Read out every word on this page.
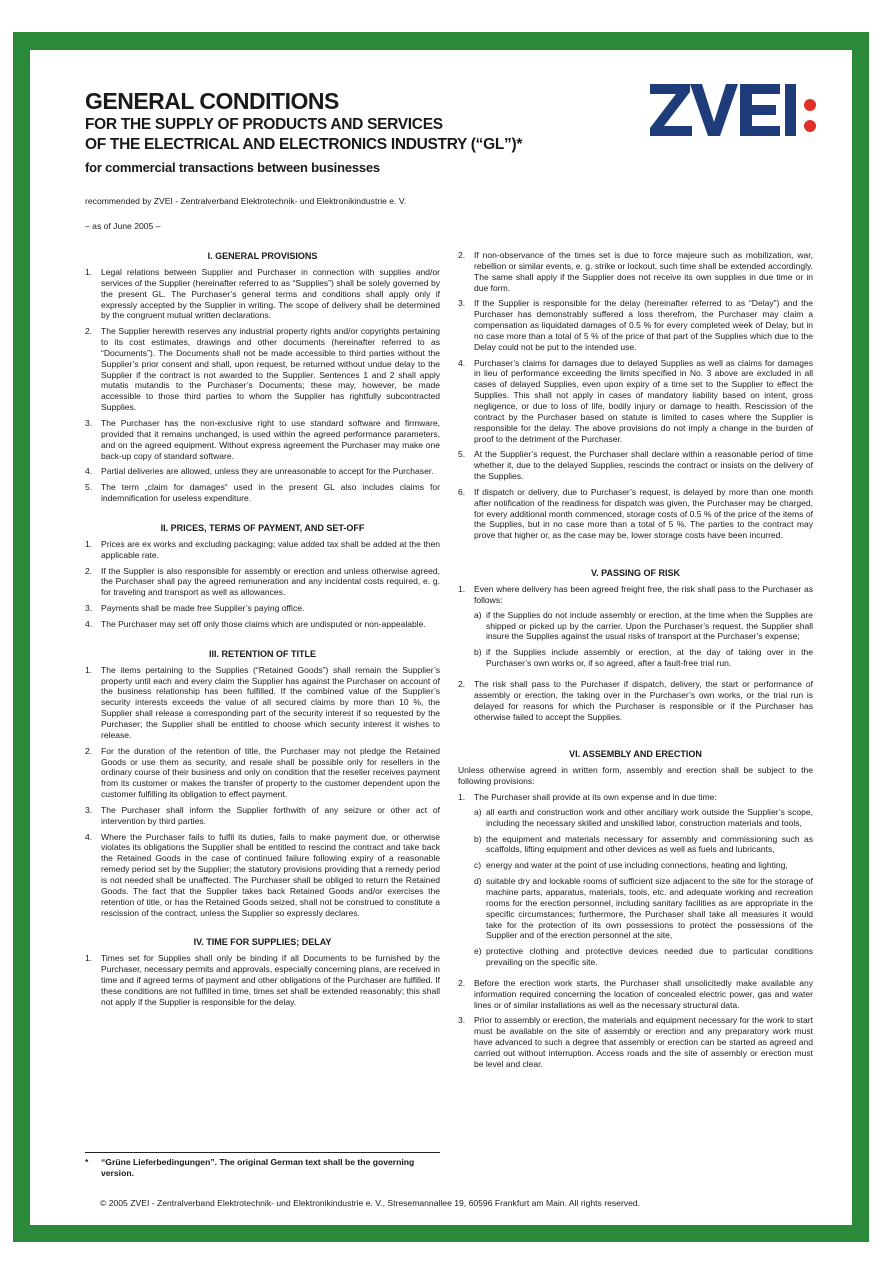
GENERAL CONDITIONS
FOR THE SUPPLY OF PRODUCTS AND SERVICES
OF THE ELECTRICAL AND ELECTRONICS INDUSTRY (“GL”)*
for commercial transactions between businesses
recommended by ZVEI - Zentralverband Elektrotechnik- und Elektronikindustrie e. V.
– as of June 2005 –
I. GENERAL PROVISIONS
1.	Legal relations between Supplier and Purchaser in connection with supplies and/or services of the Supplier (hereinafter referred to as “Supplies”) shall be solely governed by the present GL. The Purchaser’s general terms and conditions shall apply only if expressly accepted by the Supplier in writing. The scope of delivery shall be determined by the congruent mutual written declarations.
2.	The Supplier herewith reserves any industrial property rights and/or copyrights pertaining to its cost estimates, drawings and other documents (hereinafter referred to as “Documents”). The Documents shall not be made accessible to third parties without the Supplier’s prior consent and shall, upon request, be returned without undue delay to the Supplier if the contract is not awarded to the Supplier. Sentences 1 and 2 shall apply mutatis mutandis to the Purchaser’s Documents; these may, however, be made accessible to those third parties to whom the Supplier has rightfully subcontracted Supplies.
3.	The Purchaser has the non-exclusive right to use standard software and firmware, provided that it remains unchanged, is used within the agreed performance parameters, and on the agreed equipment. Without express agreement the Purchaser may make one back-up copy of standard software.
4.	Partial deliveries are allowed, unless they are unreasonable to accept for the Purchaser.
5.	The term „claim for damages“ used in the present GL also includes claims for indemnification for useless expenditure.
II. PRICES, TERMS OF PAYMENT, AND SET-OFF
1.	Prices are ex works and excluding packaging; value added tax shall be added at the then applicable rate.
2.	If the Supplier is also responsible for assembly or erection and unless otherwise agreed, the Purchaser shall pay the agreed remuneration and any incidental costs required, e. g. for traveling and transport as well as allowances.
3.	Payments shall be made free Supplier’s paying office.
4.	The Purchaser may set off only those claims which are undisputed or non-appealable.
III. RETENTION OF TITLE
1.	The items pertaining to the Supplies (“Retained Goods”) shall remain the Supplier’s property until each and every claim the Supplier has against the Purchaser on account of the business relationship has been fulfilled. If the combined value of the Supplier’s security interests exceeds the value of all secured claims by more than 10 %, the Supplier shall release a corresponding part of the security interest if so requested by the Purchaser; the Supplier shall be entitled to choose which security interest it wishes to release.
2.	For the duration of the retention of title, the Purchaser may not pledge the Retained Goods or use them as security, and resale shall be possible only for resellers in the ordinary course of their business and only on condition that the reseller receives payment from its customer or makes the transfer of property to the customer dependent upon the customer fulfilling its obligation to effect payment.
3.	The Purchaser shall inform the Supplier forthwith of any seizure or other act of intervention by third parties.
4.	Where the Purchaser fails to fulfil its duties, fails to make payment due, or otherwise violates its obligations the Supplier shall be entitled to rescind the contract and take back the Retained Goods in the case of continued failure following expiry of a reasonable remedy period set by the Supplier; the statutory provisions providing that a remedy period is not needed shall be unaffected. The Purchaser shall be obliged to return the Retained Goods. The fact that the Supplier takes back Retained Goods and/or exercises the retention of title, or has the Retained Goods seized, shall not be construed to constitute a rescission of the contract, unless the Supplier so expressly declares.
IV. TIME FOR SUPPLIES; DELAY
1.	Times set for Supplies shall only be binding if all Documents to be furnished by the Purchaser, necessary permits and approvals, especially concerning plans, are received in time and if agreed terms of payment and other obligations of the Purchaser are fulfilled. If these conditions are not fulfilled in time, times set shall be extended reasonably; this shall not apply if the Supplier is responsible for the delay.
*	“Grüne Lieferbedingungen”. The original German text shall be the governing version.
2.	If non-observance of the times set is due to force majeure such as mobilization, war, rebellion or similar events, e. g. strike or lockout, such time shall be extended accordingly. The same shall apply if the Supplier does not receive its own supplies in due time or in due form.
3.	If the Supplier is responsible for the delay (hereinafter referred to as “Delay”) and the Purchaser has demonstrably suffered a loss therefrom, the Purchaser may claim a compensation as liquidated damages of 0.5 % for every completed week of Delay, but in no case more than a total of 5 % of the price of that part of the Supplies which due to the Delay could not be put to the intended use.
4.	Purchaser’s claims for damages due to delayed Supplies as well as claims for damages in lieu of performance exceeding the limits specified in No. 3 above are excluded in all cases of delayed Supplies, even upon expiry of a time set to the Supplier to effect the Supplies. This shall not apply in cases of mandatory liability based on intent, gross negligence, or due to loss of life, bodily injury or damage to health. Rescission of the contract by the Purchaser based on statute is limited to cases where the Supplier is responsible for the delay. The above provisions do not imply a change in the burden of proof to the detriment of the Purchaser.
5.	At the Supplier’s request, the Purchaser shall declare within a reasonable period of time whether it, due to the delayed Supplies, rescinds the contract or insists on the delivery of the Supplies.
6.	If dispatch or delivery, due to Purchaser’s request, is delayed by more than one month after notification of the readiness for dispatch was given, the Purchaser may be charged, for every additional month commenced, storage costs of 0.5 % of the price of the items of the Supplies, but in no case more than a total of 5 %. The parties to the contract may prove that higher or, as the case may be, lower storage costs have been incurred.
V. PASSING OF RISK
1.	Even where delivery has been agreed freight free, the risk shall pass to the Purchaser as follows:
a) if the Supplies do not include assembly or erection, at the time when the Supplies are shipped or picked up by the carrier. Upon the Purchaser’s request, the Supplier shall insure the Supplies against the usual risks of transport at the Purchaser’s expense;
b) if the Supplies include assembly or erection, at the day of taking over in the Purchaser’s own works or, if so agreed, after a fault-free trial run.
2.	The risk shall pass to the Purchaser if dispatch, delivery, the start or performance of assembly or erection, the taking over in the Purchaser’s own works, or the trial run is delayed for reasons for which the Purchaser is responsible or if the Purchaser has otherwise failed to accept the Supplies.
VI. ASSEMBLY AND ERECTION
Unless otherwise agreed in written form, assembly and erection shall be subject to the following provisions:
1.	The Purchaser shall provide at its own expense and in due time:
a) all earth and construction work and other ancillary work outside the Supplier’s scope, including the necessary skilled and unskilled labor, construction materials and tools,
b) the equipment and materials necessary for assembly and commissioning such as scaffolds, lifting equipment and other devices as well as fuels and lubricants,
c) energy and water at the point of use including connections, heating and lighting,
d) suitable dry and lockable rooms of sufficient size adjacent to the site for the storage of machine parts, apparatus, materials, tools, etc. and adequate working and recreation rooms for the erection personnel, including sanitary facilities as are appropriate in the specific circumstances; furthermore, the Purchaser shall take all measures it would take for the protection of its own possessions to protect the possessions of the Supplier and of the erection personnel at the site,
e) protective clothing and protective devices needed due to particular conditions prevailing on the specific site.
2.	Before the erection work starts, the Purchaser shall unsolicitedly make available any information required concerning the location of concealed electric power, gas and water lines or of similar installations as well as the necessary structural data.
3.	Prior to assembly or erection, the materials and equipment necessary for the work to start must be available on the site of assembly or erection and any preparatory work must have advanced to such a degree that assembly or erection can be started as agreed and carried out without interruption. Access roads and the site of assembly or erection must be level and clear.
© 2005 ZVEI - Zentralverband Elektrotechnik- und Elektronikindustrie e. V., Stresemannallee 19, 60596 Frankfurt am Main. All rights reserved.
